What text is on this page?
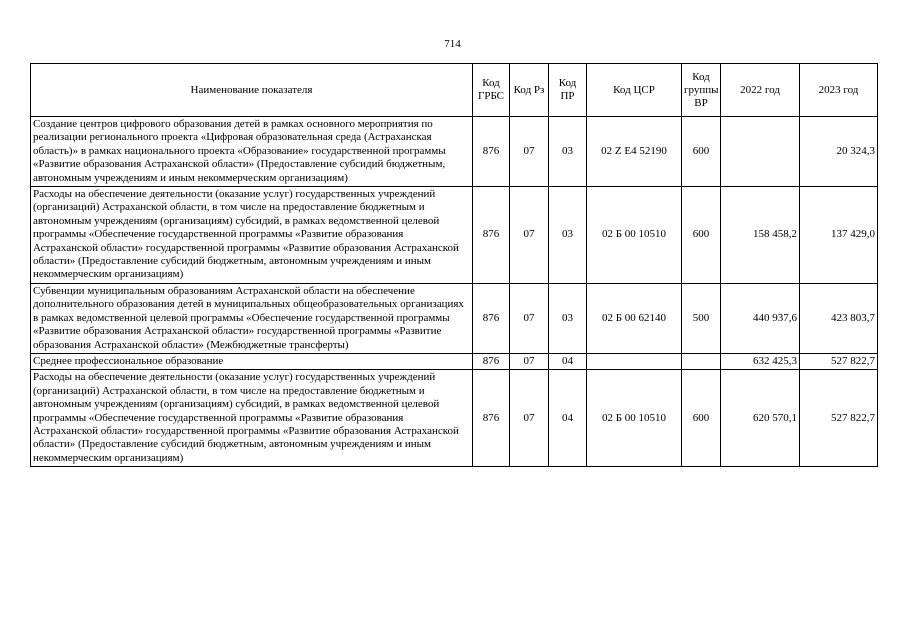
714
Наименование показателя	Код ГРБС	Код Рз	Код ПР	Код ЦСР	Код группы ВР	2022 год	2023 год
Создание центров цифрового образования детей в рамках основного мероприятия по реализации регионального проекта «Цифровая образовательная среда (Астраханская область)» в рамках национального проекта «Образование» государственной программы «Развитие образования Астраханской области» (Предоставление субсидий бюджетным, автономным учреждениям и иным некоммерческим организациям)	876	07	03	02 Z E4 52190	600		20 324,3
Расходы на обеспечение деятельности (оказание услуг) государственных учреждений (организаций) Астраханской области, в том числе на предоставление бюджетным и автономным учреждениям (организациям) субсидий, в рамках ведомственной целевой программы «Обеспечение государственной программы «Развитие образования Астраханской области» государственной программы «Развитие образования Астраханской области» (Предоставление субсидий бюджетным, автономным учреждениям и иным некоммерческим организациям)	876	07	03	02 Б 00 10510	600	158 458,2	137 429,0
Субвенции муниципальным образованиям Астраханской области на обеспечение дополнительного образования детей в муниципальных общеобразовательных организациях в рамках ведомственной целевой программы «Обеспечение государственной программы «Развитие образования Астраханской области» государственной программы «Развитие образования Астраханской области» (Межбюджетные трансферты)	876	07	03	02 Б 00 62140	500	440 937,6	423 803,7
Среднее профессиональное образование	876	07	04			632 425,3	527 822,7
Расходы на обеспечение деятельности (оказание услуг) государственных учреждений (организаций) Астраханской области, в том числе на предоставление бюджетным и автономным учреждениям (организациям) субсидий, в рамках ведомственной целевой программы «Обеспечение государственной программы «Развитие образования Астраханской области» государственной программы «Развитие образования Астраханской области» (Предоставление субсидий бюджетным, автономным учреждениям и иным некоммерческим организациям)	876	07	04	02 Б 00 10510	600	620 570,1	527 822,7
